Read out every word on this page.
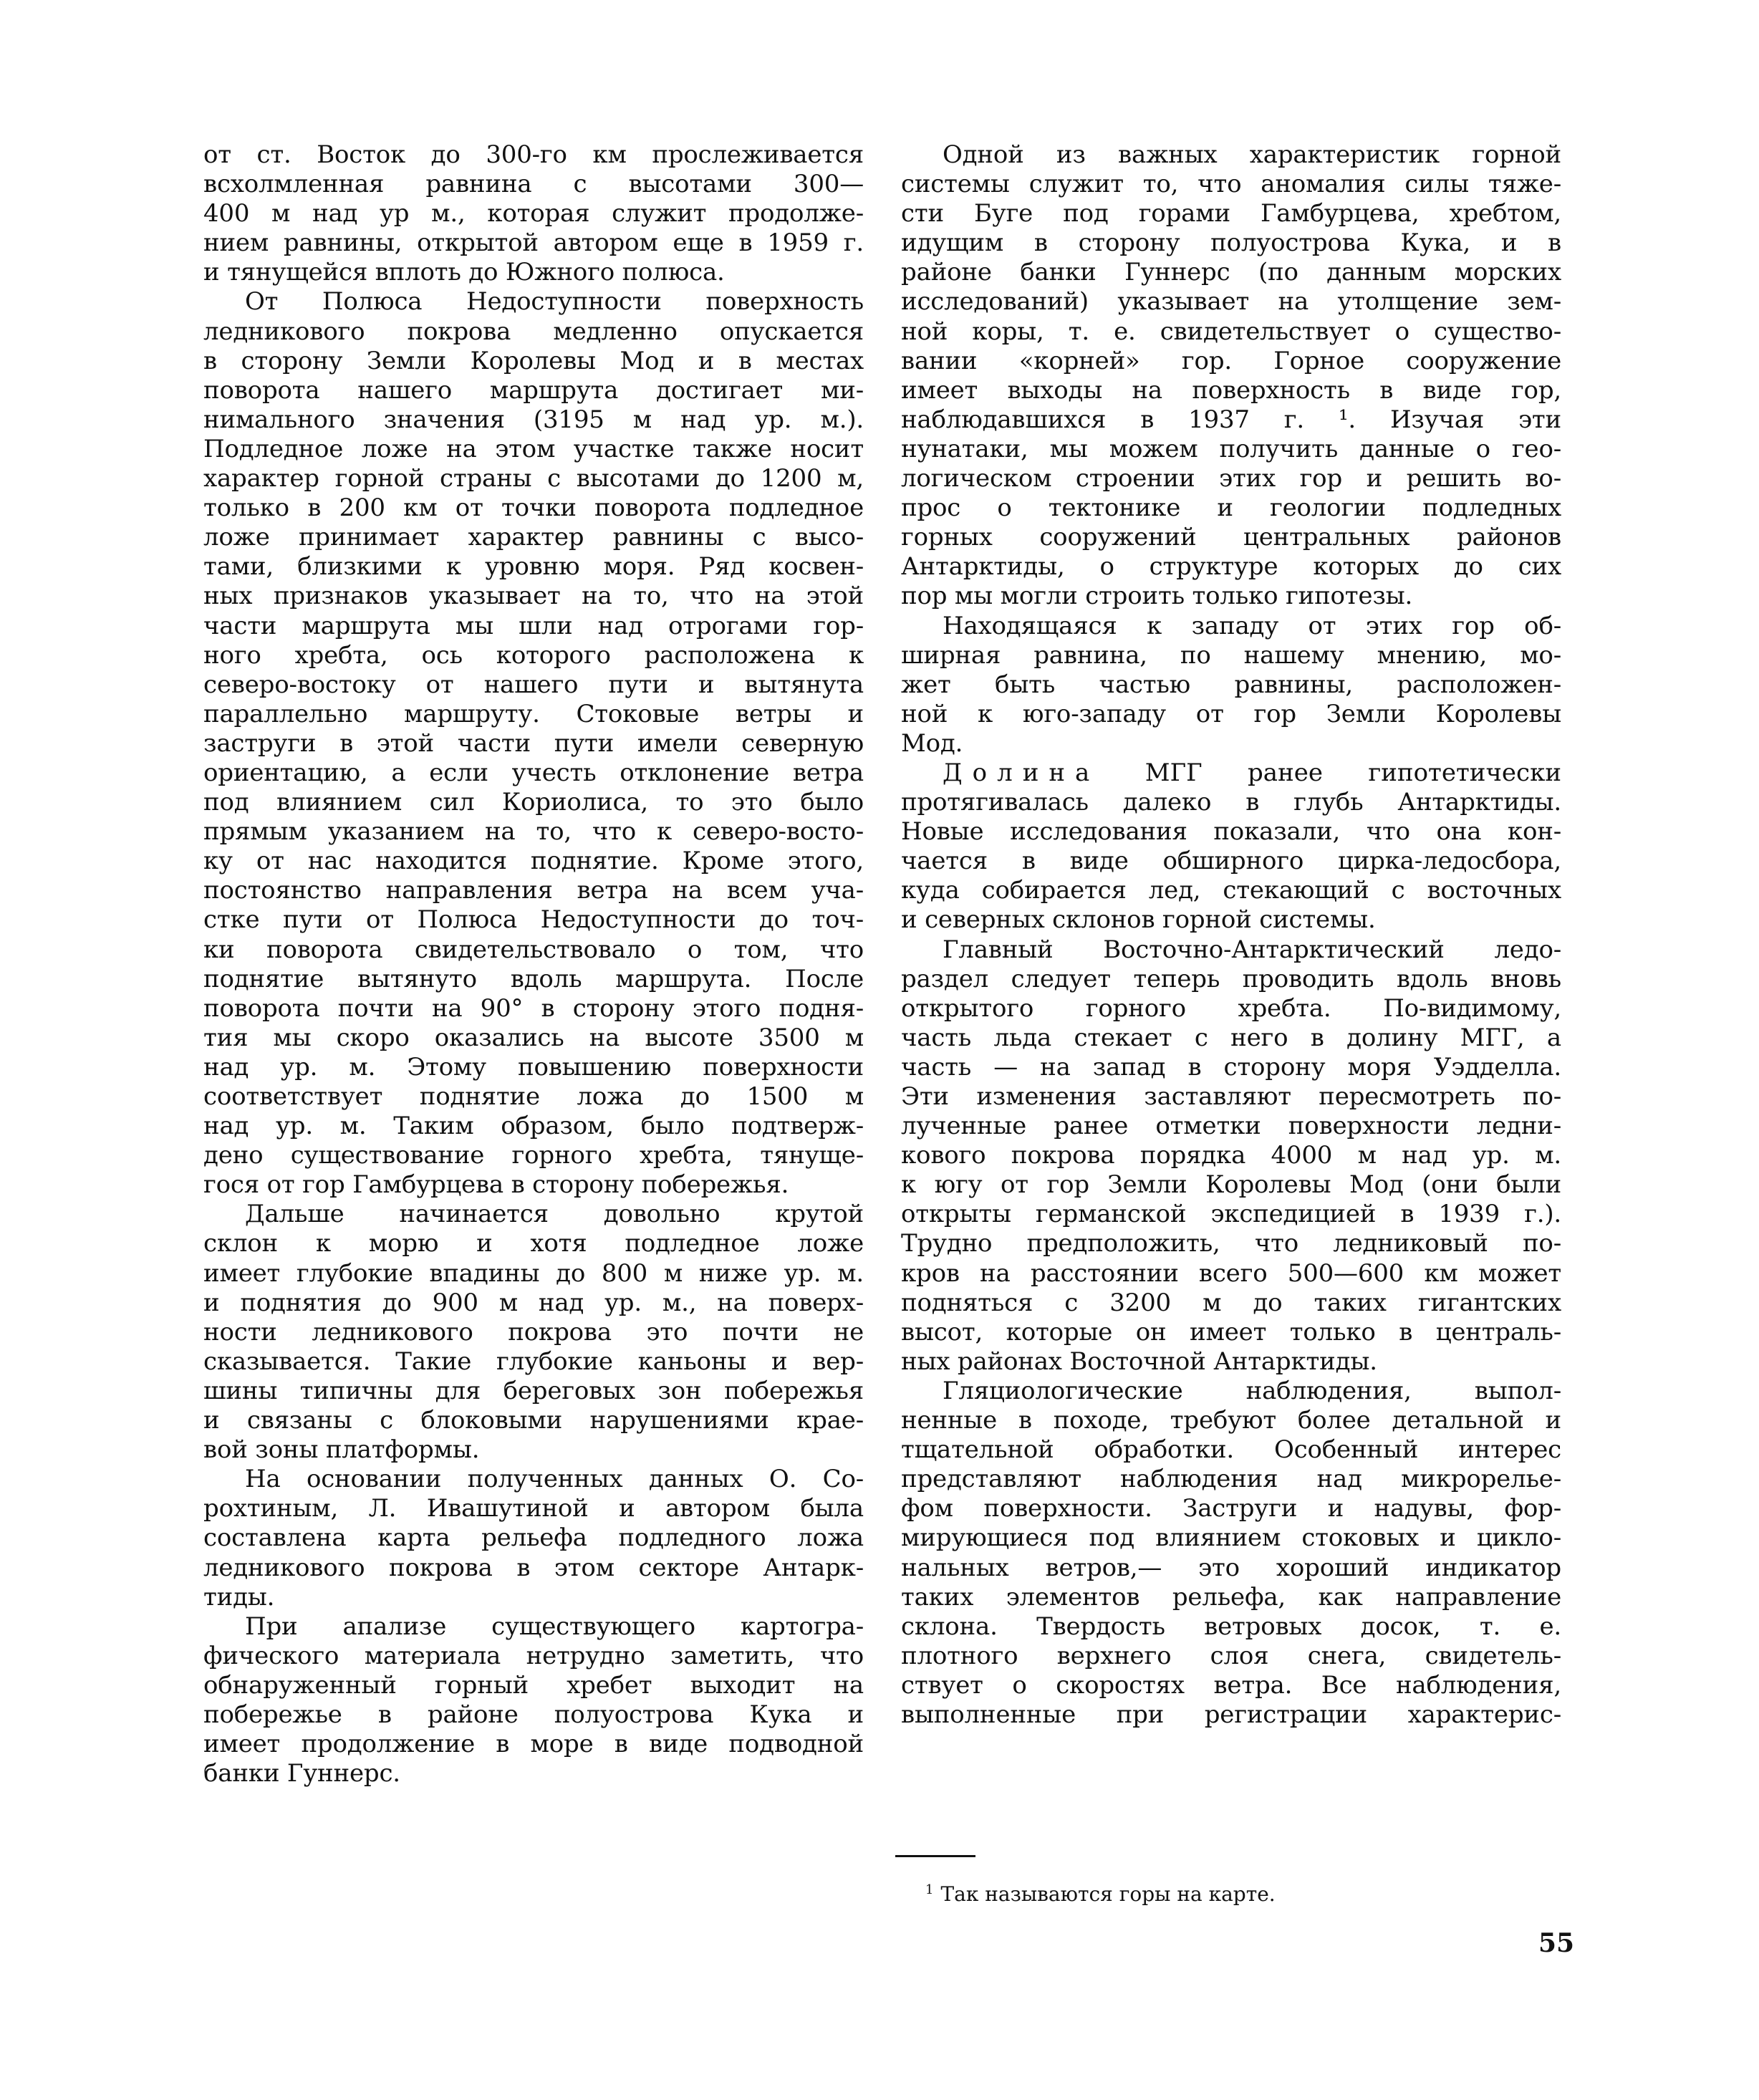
от ст. Восток до 300-го км прослеживается
всхолмленная равнина с высотами 300—
400 м над ур м., которая служит продолже-
нием равнины, открытой автором еще в 1959 г.
и тянущейся вплоть до Южного полюса.
От Полюса Недоступности поверхность
ледникового покрова медленно опускается
в сторону Земли Королевы Мод и в местах
поворота нашего маршрута достигает ми-
нимального значения (3195 м над ур. м.).
Подледное ложе на этом участке также носит
характер горной страны с высотами до 1200 м,
только в 200 км от точки поворота подледное
ложе принимает характер равнины с высо-
тами, близкими к уровню моря. Ряд косвен-
ных признаков указывает на то, что на этой
части маршрута мы шли над отрогами гор-
ного хребта, ось которого расположена к
северо-востоку от нашего пути и вытянута
параллельно маршруту. Стоковые ветры и
заструги в этой части пути имели северную
ориентацию, а если учесть отклонение ветра
под влиянием сил Кориолиса, то это было
прямым указанием на то, что к северо-восто-
ку от нас находится поднятие. Кроме этого,
постоянство направления ветра на всем уча-
стке пути от Полюса Недоступности до точ-
ки поворота свидетельствовало о том, что
поднятие вытянуто вдоль маршрута. После
поворота почти на 90° в сторону этого подня-
тия мы скоро оказались на высоте 3500 м
над ур. м. Этому повышению поверхности
соответствует поднятие ложа до 1500 м
над ур. м. Таким образом, было подтверж-
дено существование горного хребта, тянуще-
гося от гор Гамбурцева в сторону побережья.
Дальше начинается довольно крутой
склон к морю и хотя подледное ложе
имеет глубокие впадины до 800 м ниже ур. м.
и поднятия до 900 м над ур. м., на поверх-
ности ледникового покрова это почти не
сказывается. Такие глубокие каньоны и вер-
шины типичны для береговых зон побережья
и связаны с блоковыми нарушениями крае-
вой зоны платформы.
На основании полученных данных О. Со-
рохтиным, Л. Ивашутиной и автором была
составлена карта рельефа подледного ложа
ледникового покрова в этом секторе Антарк-
тиды.
При апализе существующего картогра-
фического материала нетрудно заметить, что
обнаруженный горный хребет выходит на
побережье в районе полуострова Кука и
имеет продолжение в море в виде подводной
банки Гуннерс.
Одной из важных характеристик горной
системы служит то, что аномалия силы тяже-
сти Буге под горами Гамбурцева, хребтом,
идущим в сторону полуострова Кука, и в
районе банки Гуннерс (по данным морских
исследований) указывает на утолщение зем-
ной коры, т. е. свидетельствует о существо-
вании «корней» гор. Горное сооружение
имеет выходы на поверхность в виде гор,
наблюдавшихся в 1937 г. ¹. Изучая эти
нунатаки, мы можем получить данные о гео-
логическом строении этих гор и решить во-
прос о тектонике и геологии подледных
горных сооружений центральных районов
Антарктиды, о структуре которых до сих
пор мы могли строить только гипотезы.
Находящаяся к западу от этих гор об-
ширная равнина, по нашему мнению, мо-
жет быть частью равнины, расположен-
ной к юго-западу от гор Земли Королевы
Мод.
Долина МГГ ранее гипотетически
протягивалась далеко в глубь Антарктиды.
Новые исследования показали, что она кон-
чается в виде обширного цирка-ледосбора,
куда собирается лед, стекающий с восточных
и северных склонов горной системы.
Главный Восточно-Антарктический ледо-
раздел следует теперь проводить вдоль вновь
открытого горного хребта. По-видимому,
часть льда стекает с него в долину МГГ, а
часть — на запад в сторону моря Уэдделла.
Эти изменения заставляют пересмотреть по-
лученные ранее отметки поверхности ледни-
кового покрова порядка 4000 м над ур. м.
к югу от гор Земли Королевы Мод (они были
открыты германской экспедицией в 1939 г.).
Трудно предположить, что ледниковый по-
кров на расстоянии всего 500—600 км может
подняться с 3200 м до таких гигантских
высот, которые он имеет только в централь-
ных районах Восточной Антарктиды.
Гляциологические наблюдения, выпол-
ненные в походе, требуют более детальной и
тщательной обработки. Особенный интерес
представляют наблюдения над микрорелье-
фом поверхности. Заструги и надувы, фор-
мирующиеся под влиянием стоковых и цикло-
нальных ветров,— это хороший индикатор
таких элементов рельефа, как направление
склона. Твердость ветровых досок, т. е.
плотного верхнего слоя снега, свидетель-
ствует о скоростях ветра. Все наблюдения,
выполненные при регистрации характерис-
$^1$ Так называются горы на карте.
55
